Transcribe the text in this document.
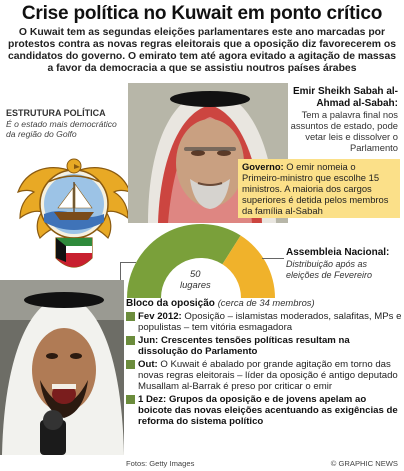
Crise política no Kuwait em ponto crítico
O Kuwait tem as segundas eleições parlamentares este ano marcadas por protestos contra as novas regras eleitorais que a oposição diz favorecerem os candidatos do governo. O emirato tem até agora evitado a agitação de massas a favor da democracia a que se assistiu noutros países árabes
ESTRUTURA POLÍTICA
É o estado mais democrático da região do Golfo
Emir Sheikh Sabah al-Ahmad al-Sabah:
Tem a palavra final nos assuntos de estado, pode vetar leis e dissolver o Parlamento
Governo: O emir nomeia o Primeiro-ministro que escolhe 15 ministros. A maioria dos cargos superiores é detida pelos membros da família al-Sabah
50
lugares
Assembleia Nacional:
Distribuição após as eleições de Fevereiro
Bloco da oposição (cerca de 34 membros)
Fev 2012: Oposição – islamistas moderados, salafitas, MPs e populistas – tem vitória esmagadora
Jun: Crescentes tensões políticas resultam na dissolução do Parlamento
Out: O Kuwait é abalado por grande agitação em torno das novas regras eleitorais – líder da oposição é antigo deputado Musallam al-Barrak é preso por criticar o emir
1 Dez: Grupos da oposição e de jovens apelam ao boicote das novas eleições acentuando as exigências de reforma do sistema político
Fotos: Getty Images	© GRAPHIC NEWS
